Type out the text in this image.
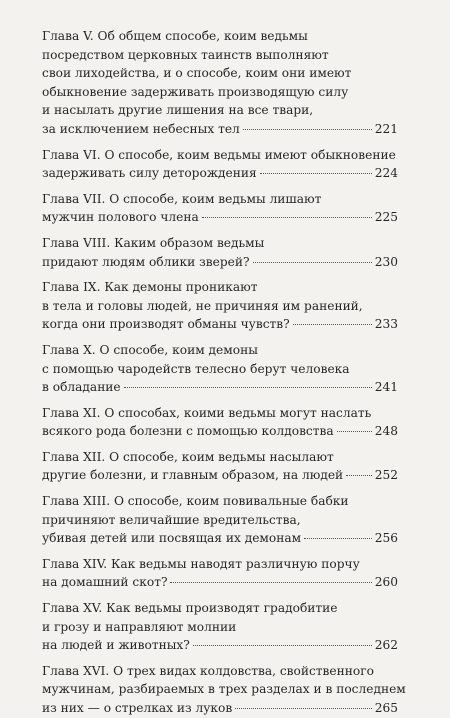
Глава V. Об общем способе, коим ведьмы
посредством церковных таинств выполняют
свои лиходейства, и о способе, коим они имеют
обыкновение задерживать производящую силу
и насылать другие лишения на все твари,
за исключением небесных тел	221
Глава VI. О способе, коим ведьмы имеют обыкновение
задерживать силу деторождения	224
Глава VII. О способе, коим ведьмы лишают
мужчин полового члена	225
Глава VIII. Каким образом ведьмы
придают людям облики зверей?	230
Глава IX. Как демоны проникают
в тела и головы людей, не причиняя им ранений,
когда они производят обманы чувств?	233
Глава X. О способе, коим демоны
с помощью чародейств телесно берут человека
в обладание	241
Глава XI. О способах, коими ведьмы могут наслать
всякого рода болезни с помощью колдовства	248
Глава XII. О способе, коим ведьмы насылают
другие болезни, и главным образом, на людей	252
Глава XIII. О способе, коим повивальные бабки
причиняют величайшие вредительства,
убивая детей или посвящая их демонам	256
Глава XIV. Как ведьмы наводят различную порчу
на домашний скот?	260
Глава XV. Как ведьмы производят градобитие
и грозу и направляют молнии
на людей и животных?	262
Глава XVI. О трех видах колдовства, свойственного
мужчинам, разбираемых в трех разделах и в последнем
из них — о стрелках из луков	265
